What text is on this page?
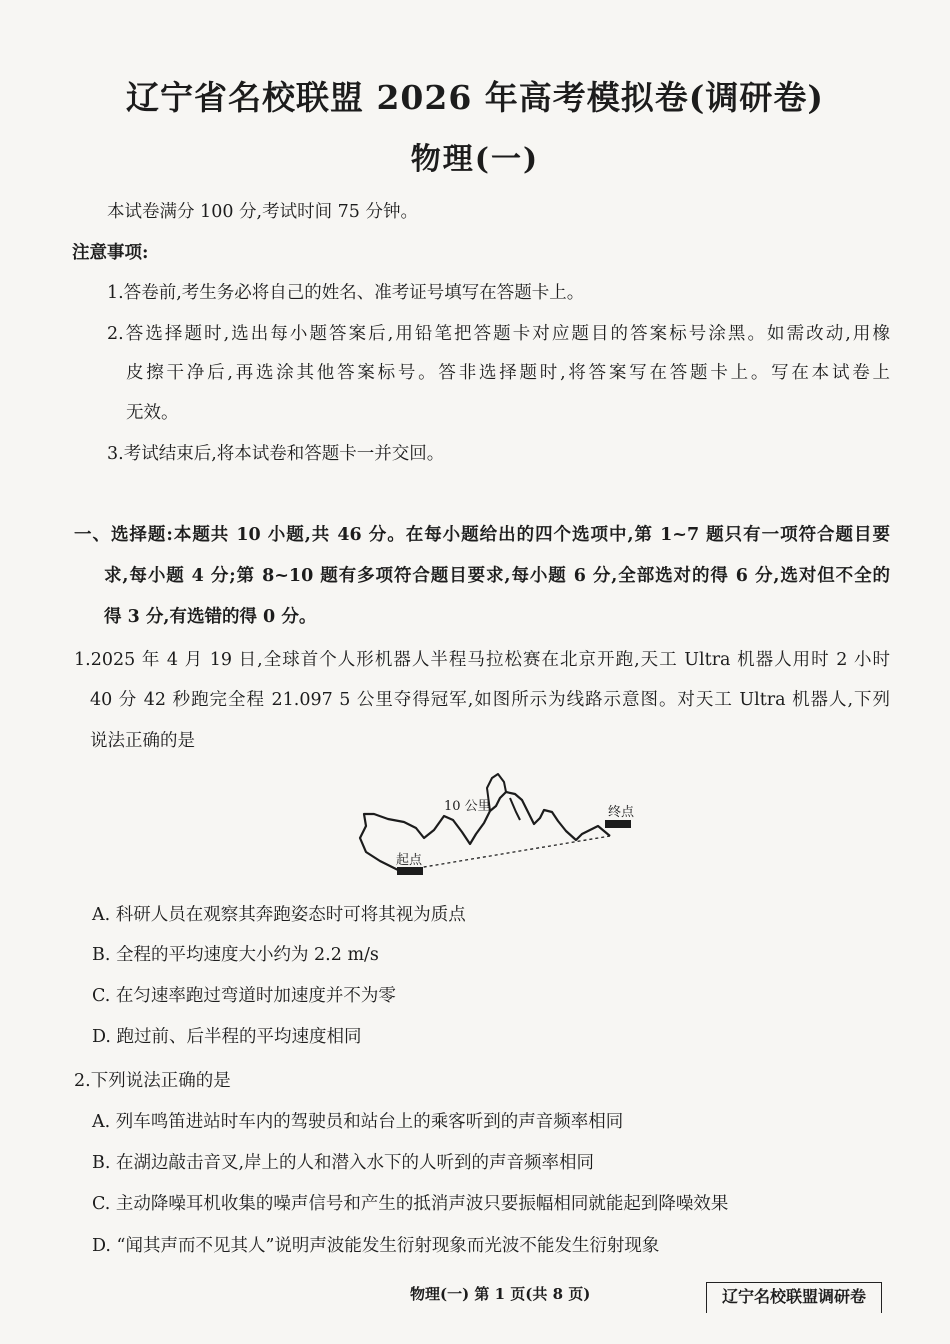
辽宁省名校联盟 2026 年高考模拟卷(调研卷)
物理(一)
本试卷满分 100 分,考试时间 75 分钟。
注意事项:
1.答卷前,考生务必将自己的姓名、准考证号填写在答题卡上。
2.答选择题时,选出每小题答案后,用铅笔把答题卡对应题目的答案标号涂黑。如需改动,用橡
皮擦干净后,再选涂其他答案标号。答非选择题时,将答案写在答题卡上。写在本试卷上
无效。
3.考试结束后,将本试卷和答题卡一并交回。
一、选择题:本题共 10 小题,共 46 分。在每小题给出的四个选项中,第 1~7 题只有一项符合题目要
求,每小题 4 分;第 8~10 题有多项符合题目要求,每小题 6 分,全部选对的得 6 分,选对但不全的
得 3 分,有选错的得 0 分。
1.2025 年 4 月 19 日,全球首个人形机器人半程马拉松赛在北京开跑,天工 Ultra 机器人用时 2 小时
40 分 42 秒跑完全程 21.097 5 公里夺得冠军,如图所示为线路示意图。对天工 Ultra 机器人,下列
说法正确的是
10 公里
起点
终点
A. 科研人员在观察其奔跑姿态时可将其视为质点
B. 全程的平均速度大小约为 2.2 m/s
C. 在匀速率跑过弯道时加速度并不为零
D. 跑过前、后半程的平均速度相同
2.下列说法正确的是
A. 列车鸣笛进站时车内的驾驶员和站台上的乘客听到的声音频率相同
B. 在湖边敲击音叉,岸上的人和潜入水下的人听到的声音频率相同
C. 主动降噪耳机收集的噪声信号和产生的抵消声波只要振幅相同就能起到降噪效果
D. “闻其声而不见其人”说明声波能发生衍射现象而光波不能发生衍射现象
物理(一) 第 1 页(共 8 页)	辽宁名校联盟调研卷
